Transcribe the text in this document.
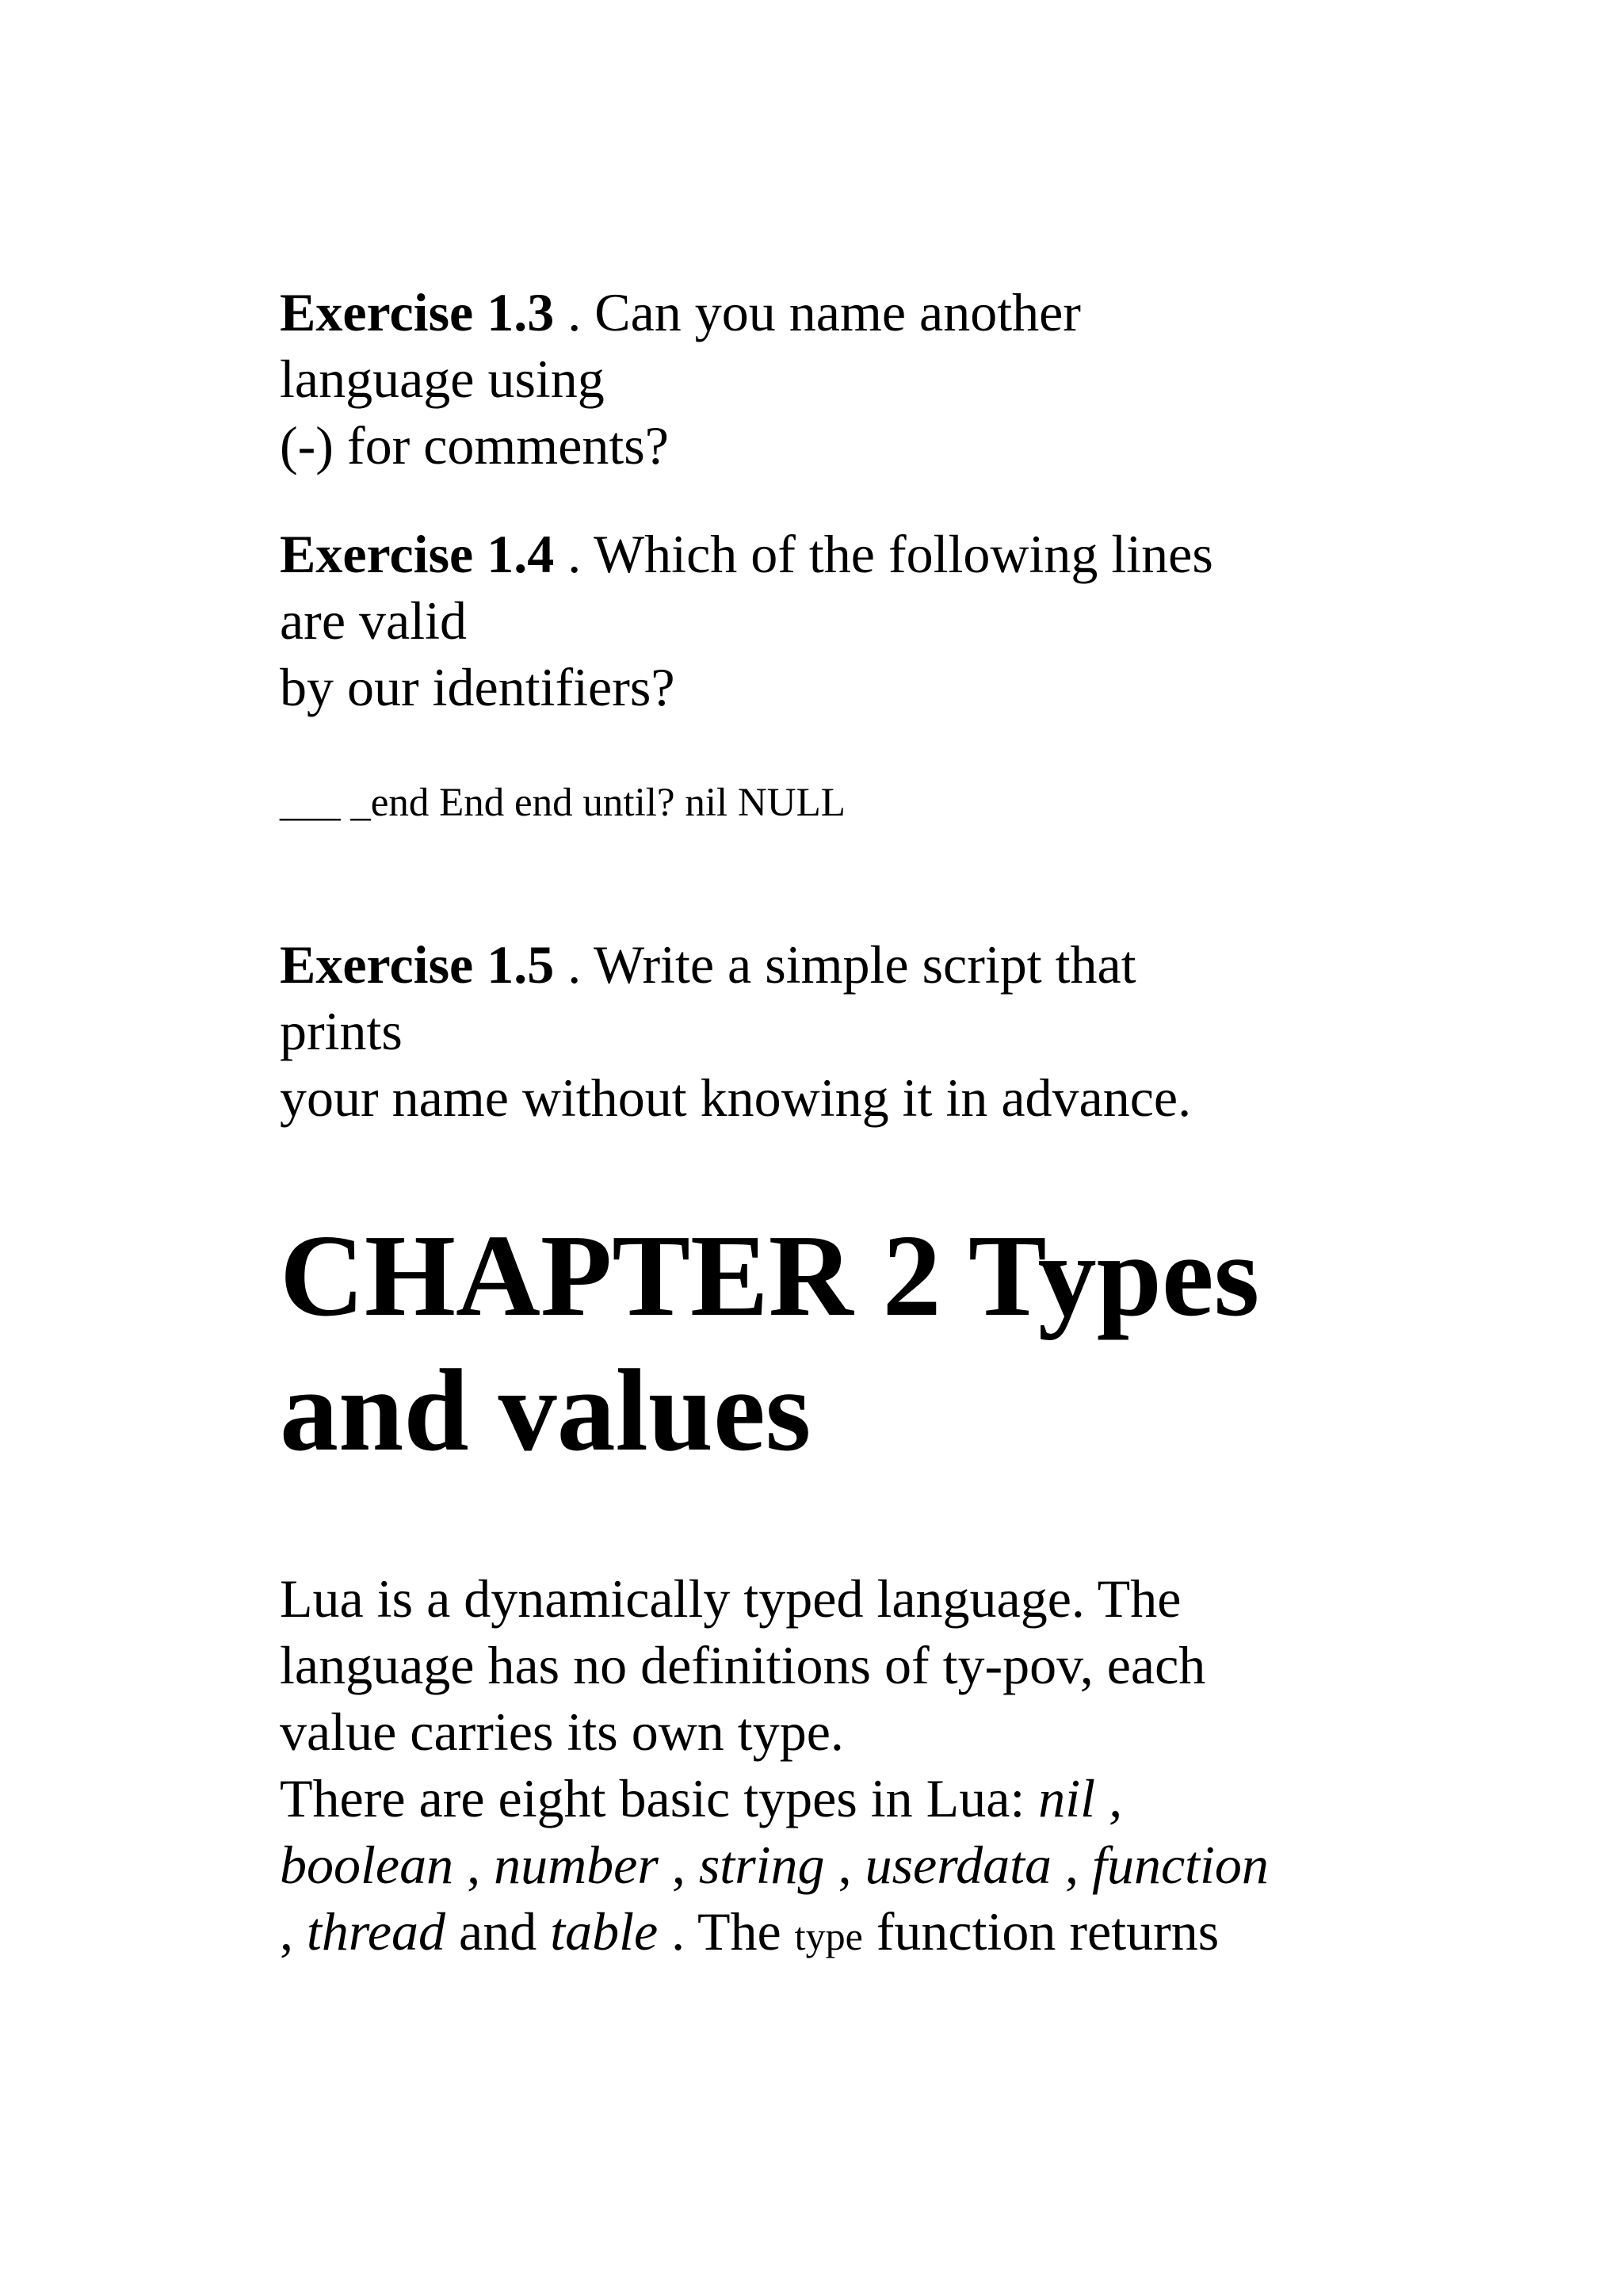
Exercise 1.3 . Can you name another

language using

(-) for comments?

Exercise 1.4 . Which of the following lines

are valid

by our identifiers?

___ _end End end until? nil NULL

Exercise 1.5 . Write a simple script that

prints

your name without knowing it in advance.

CHAPTER 2 Types

and values

Lua is a dynamically typed language. The

language has no definitions of ty-pov, each

value carries its own type.

There are eight basic types in Lua: nil ,

boolean , number , string , userdata , function

, thread and table . The type function returns
